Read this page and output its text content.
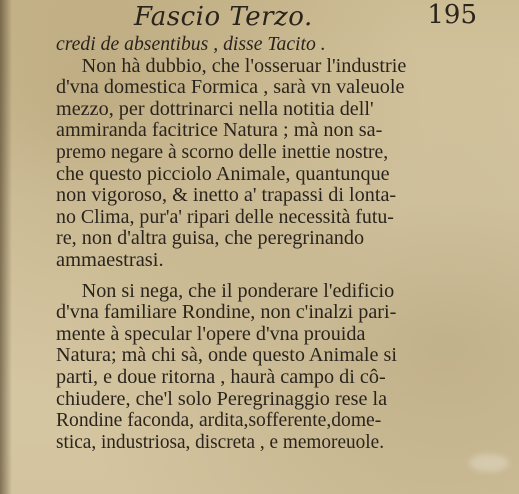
Fascio Terzo.	195
credi de absentibus , disse Tacito .
Non hà dubbio, che l'osseruar l'industrie
d'vna domestica Formica , sarà vn valeuole
mezzo, per dottrinarci nella notitia dell'
ammiranda facitrice Natura ; mà non sa-
premo negare à scorno delle inettie nostre,
che questo picciolo Animale, quantunque
non vigoroso, & inetto a' trapassi di lonta-
no Clima, pur'a' ripari delle necessità futu-
re, non d'altra guisa, che peregrinando
ammaestrasi.
Non si nega, che il ponderare l'edificio
d'vna familiare Rondine, non c'inalzi pari-
mente à specular l'opere d'vna prouida
Natura; mà chi sà, onde questo Animale si
parti, e doue ritorna , haurà campo di cô-
chiudere, che'l solo Peregrinaggio rese la
Rondine faconda, ardita,sofferente,dome-
stica, industriosa, discreta , e memoreuole.
